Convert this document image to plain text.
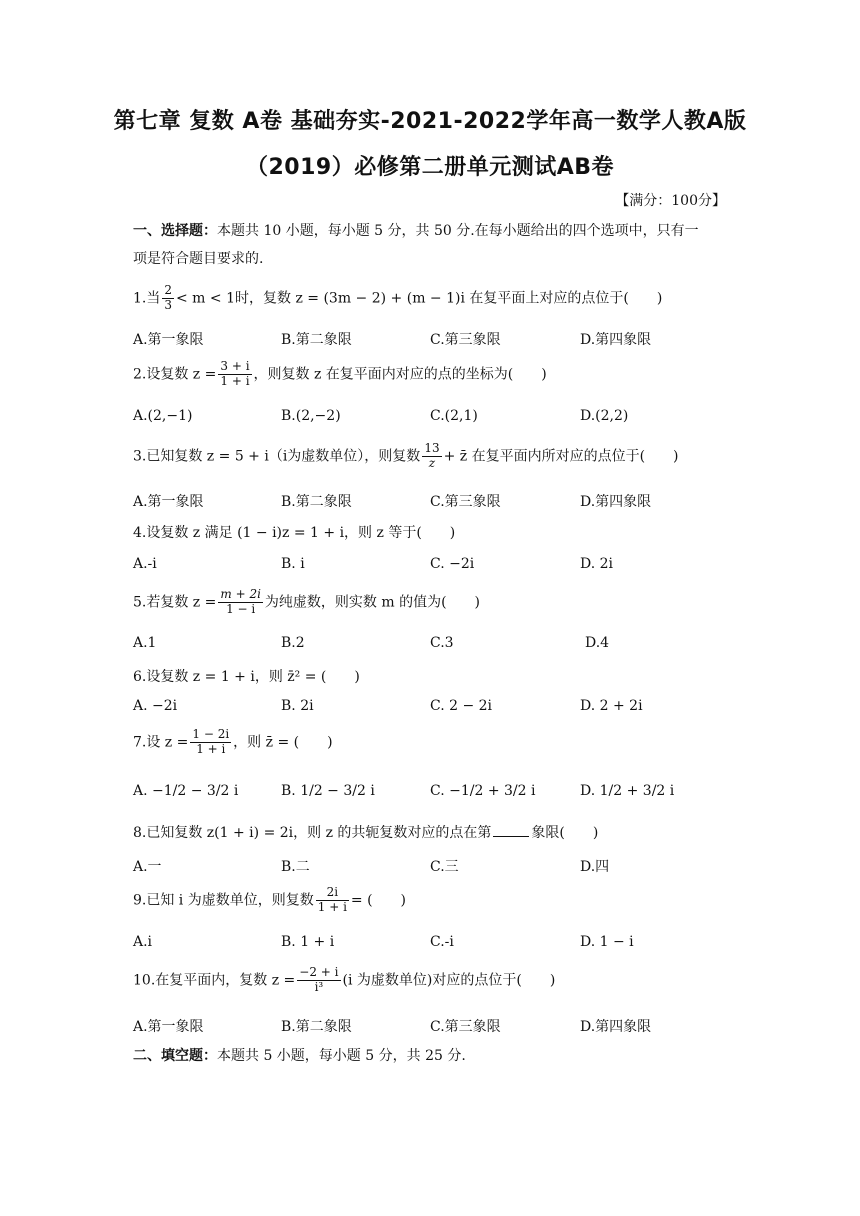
第七章 复数 A卷 基础夯实-2021-2022学年高一数学人教A版
（2019）必修第二册单元测试AB卷
【满分：100分】
一、选择题：本题共 10 小题，每小题 5 分，共 50 分.在每小题给出的四个选项中，只有一
项是符合题目要求的.
1.当 $\frac{2}{3} < m < 1$时，复数 z = (3m − 2) + (m − 1)i 在复平面上对应的点位于(　　)
A.第一象限	B.第二象限	C.第三象限	D.第四象限
2.设复数 $z = \frac{3 + i}{1 + i}$ ，则复数 z 在复平面内对应的点的坐标为(　　)
A.(2,−1)	B.(2,−2)	C.(2,1)	D.(2,2)
3.已知复数 z = 5 + i（i为虚数单位），则复数 $\frac{13}{z}$ + z̄ 在复平面内所对应的点位于(　　)
A.第一象限	B.第二象限	C.第三象限	D.第四象限
4.设复数 z 满足 (1 − i)z = 1 + i，则 z 等于(　　)
A.-i	B. i	C. −2i	D. 2i
5.若复数 $z = \frac{m + 2i}{1 - i}$ 为纯虚数，则实数 m 的值为(　　)
A.1	B.2	C.3	D.4
6.设复数 z = 1 + i，则 z̄² = (　　)
A. −2i	B. 2i	C. 2 − 2i	D. 2 + 2i
7.设 $z = \frac{1 - 2i}{1 + i}$ ，则 z̄ = (　　)
A. −1/2 − 3/2 i	B. 1/2 − 3/2 i	C. −1/2 + 3/2 i	D. 1/2 + 3/2 i
8.已知复数 z(1 + i) = 2i，则 z 的共轭复数对应的点在第	象限(　　)
A.一	B.二	C.三	D.四
9.已知 i 为虚数单位，则复数 $\frac{2i}{1 + i}$ = (　　)
A.i	B. 1 + i	C.-i	D. 1 − i
10.在复平面内，复数 $z = \frac{-2 + i}{\text{i³}} (i$ 为虚数单位)对应的点位于(　　)
A.第一象限	B.第二象限	C.第三象限	D.第四象限
二、填空题：本题共 5 小题，每小题 5 分，共 25 分.
